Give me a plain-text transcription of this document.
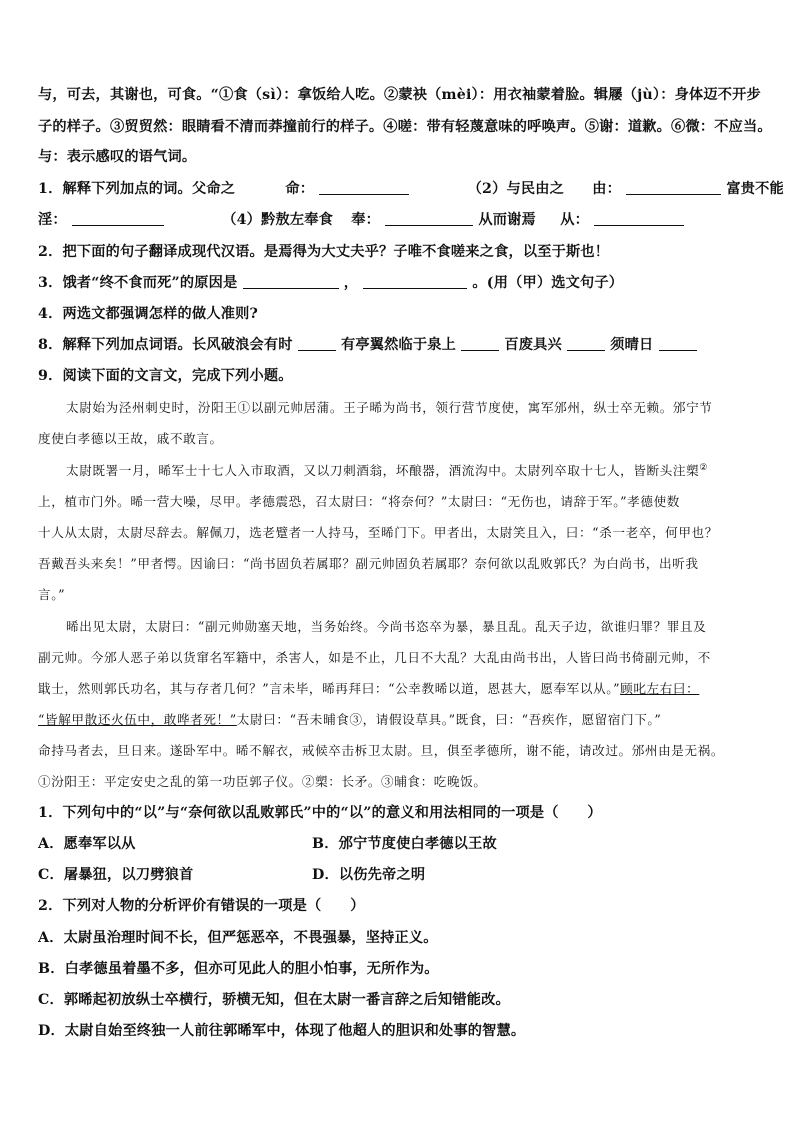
与，可去，其谢也，可食。“①食（sì）：拿饭给人吃。②蒙袂（mèi）：用衣袖蒙着脸。辑屦（jù）：身体迈不开步
子的样子。③贸贸然：眼睛看不清而莽撞前行的样子。④嗟：带有轻蔑意味的呼唤声。⑤谢：道歉。⑥微：不应当。
与：表示感叹的语气词。
1．解释下列加点的词。父命之	命：	（2）与民由之 由：	富贵不能
淫：	（4）黔敖左奉食 奉：	从而谢焉 从：
2．把下面的句子翻译成现代汉语。是焉得为大丈夫乎？子唯不食嗟来之食，以至于斯也！
3．饿者“终不食而死”的原因是	，	。(用（甲）选文句子）
4．两选文都强调怎样的做人准则?
8．解释下列加点词语。长风破浪会有时	有亭翼然临于泉上	百废具兴	须晴日
9．阅读下面的文言文，完成下列小题。
太尉始为泾州刺史时，汾阳王①以副元帅居蒲。王子晞为尚书，领行营节度使，寓军邠州，纵士卒无赖。邠宁节
度使白孝德以王故，戚不敢言。
太尉既署一月，晞军士十七人入市取酒，又以刀刺酒翁，坏酿器，酒流沟中。太尉列卒取十七人，皆断头注槊②
上，植市门外。晞一营大噪，尽甲。孝德震恐，召太尉曰：“将奈何？”太尉曰：“无伤也，请辞于军。”孝德使数
十人从太尉，太尉尽辞去。解佩刀，选老躄者一人持马，至晞门下。甲者出，太尉笑且入，曰：“杀一老卒，何甲也？
吾戴吾头来矣！”甲者愕。因谕曰：“尚书固负若属耶？副元帅固负若属耶？奈何欲以乱败郭氏？为白尚书，出听我
言。”
晞出见太尉，太尉曰：“副元帅勋塞天地，当务始终。今尚书恣卒为暴，暴且乱。乱天子边，欲谁归罪？罪且及
副元帅。今邠人恶子弟以货窜名军籍中，杀害人，如是不止，几日不大乱？大乱由尚书出，人皆曰尚书倚副元帅，不
戢士，然则郭氏功名，其与存者几何？”言未毕，晞再拜曰：“公幸教晞以道，恩甚大，愿奉军以从。”顾叱左右曰：
“皆解甲散还火伍中，敢哗者死！”太尉曰：“吾未晡食③，请假设草具。”既食，曰：“吾疾作，愿留宿门下。”
命持马者去，旦日来。遂卧军中。晞不解衣，戒候卒击柝卫太尉。旦，俱至孝德所，谢不能，请改过。邠州由是无祸。
①汾阳王：平定安史之乱的第一功臣郭子仪。②槊：长矛。③晡食：吃晚饭。
1．下列句中的“以”与“奈何欲以乱败郭氏”中的“以”的意义和用法相同的一项是（　　）
A．愿奉军以从	B．邠宁节度使白孝德以王故
C．屠暴狃，以刀劈狼首	D．以伤先帝之明
2．下列对人物的分析评价有错误的一项是（　　）
A．太尉虽治理时间不长，但严惩恶卒，不畏强暴，坚持正义。
B．白孝德虽着墨不多，但亦可见此人的胆小怕事，无所作为。
C．郭晞起初放纵士卒横行，骄横无知，但在太尉一番言辞之后知错能改。
D．太尉自始至终独一人前往郭晞军中，体现了他超人的胆识和处事的智慧。
